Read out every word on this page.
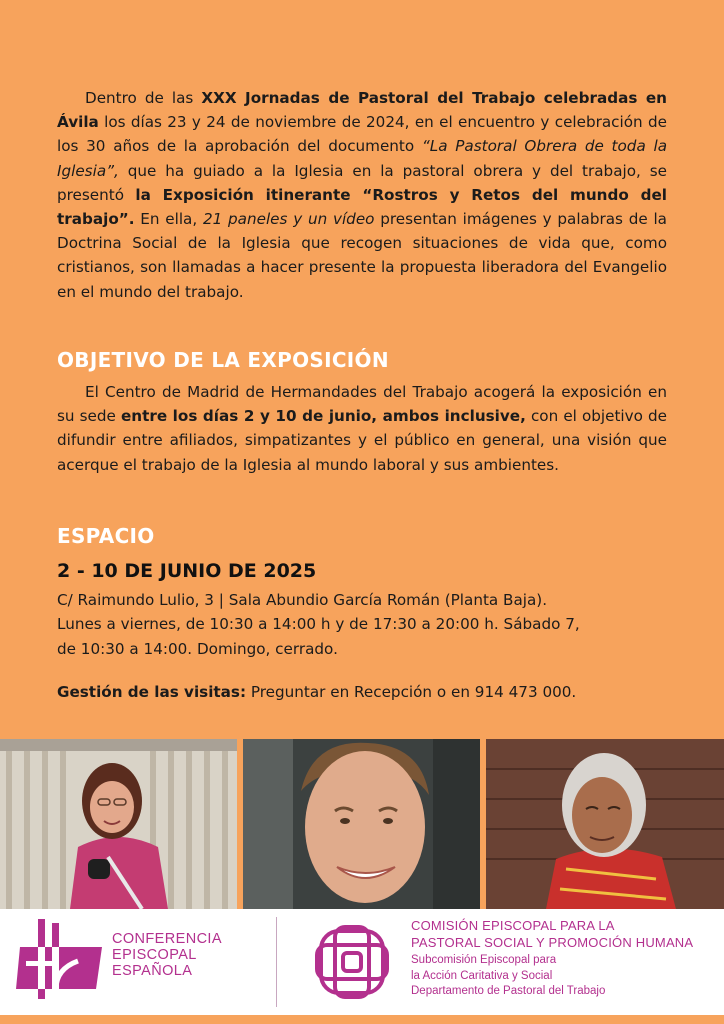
Dentro de las XXX Jornadas de Pastoral del Trabajo celebradas en Ávila los días 23 y 24 de noviembre de 2024, en el encuentro y celebración de los 30 años de la aprobación del documento “La Pastoral Obrera de toda la Iglesia”, que ha guiado a la Iglesia en la pastoral obrera y del trabajo, se presentó la Exposición itinerante “Rostros y Retos del mundo del trabajo”. En ella, 21 paneles y un vídeo presentan imágenes y palabras de la Doctrina Social de la Iglesia que recogen situaciones de vida que, como cristianos, son llamadas a hacer presente la propuesta liberadora del Evangelio en el mundo del trabajo.
OBJETIVO DE LA EXPOSICIÓN
El Centro de Madrid de Hermandades del Trabajo acogerá la exposición en su sede entre los días 2 y 10 de junio, ambos inclusive, con el objetivo de difundir entre afiliados, simpatizantes y el público en general, una visión que acerque el trabajo de la Iglesia al mundo laboral y sus ambientes.
ESPACIO
2 - 10 DE JUNIO DE 2025
C/ Raimundo Lulio, 3 | Sala Abundio García Román (Planta Baja).
Lunes a viernes, de 10:30 a 14:00 h y de 17:30 a 20:00 h. Sábado 7,
de 10:30 a 14:00. Domingo, cerrado.
Gestión de las visitas: Preguntar en Recepción o en 914 473 000.
CONFERENCIA
EPISCOPAL
ESPAÑOLA
COMISIÓN EPISCOPAL PARA LA
PASTORAL SOCIAL Y PROMOCIÓN HUMANA
Subcomisión Episcopal para
la Acción Caritativa y Social
Departamento de Pastoral del Trabajo
